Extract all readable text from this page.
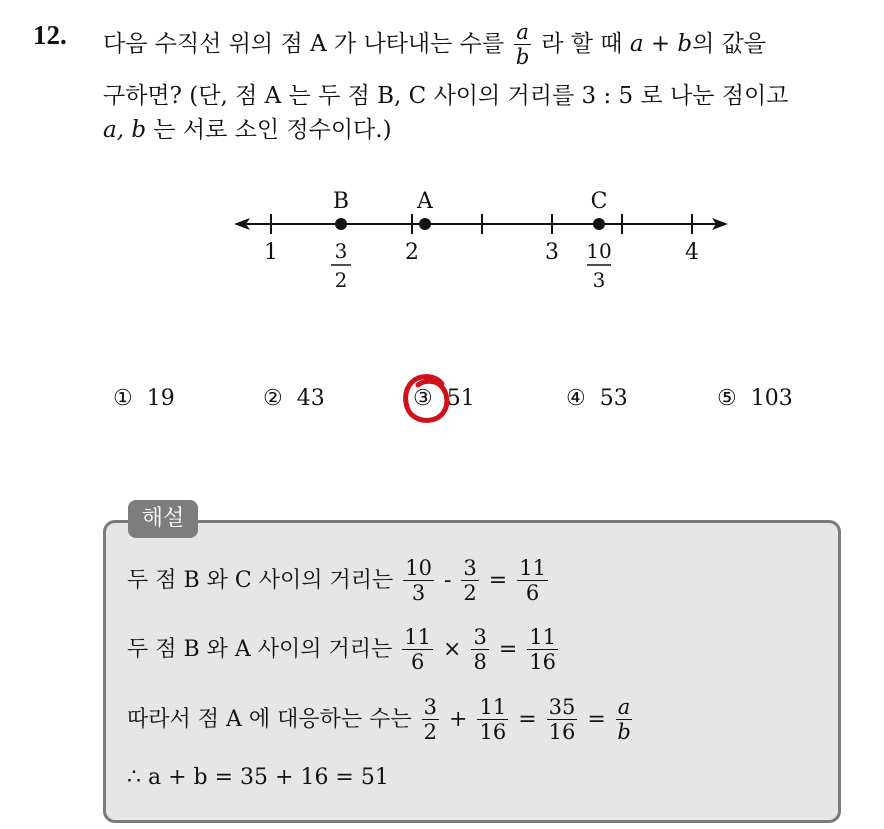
12. 다음 수직선 위의 점 A 가 나타내는 수를 $\frac{a}{b}$ 라 할 때 a + b의 값을
구하면? (단, 점 A 는 두 점 B, C 사이의 거리를 3 : 5 로 나눈 점이고
a, b 는 서로 소인 정수이다.)
B	A	C
1	2	3	4
3
2
10
3
① 19	② 43	③ 51	④ 53	⑤ 103
해설
두 점 B 와 C 사이의 거리는 $\frac{10}{3} - \frac{3}{2} = \frac{11}{6}$
두 점 B 와 A 사이의 거리는 $\frac{11}{6} \times \frac{3}{8} = \frac{11}{16}$
따라서 점 A 에 대응하는 수는 $\frac{3}{2} + \frac{11}{16} = \frac{35}{16} = \frac{a}{b}$
∴ a + b = 35 + 16 = 51
